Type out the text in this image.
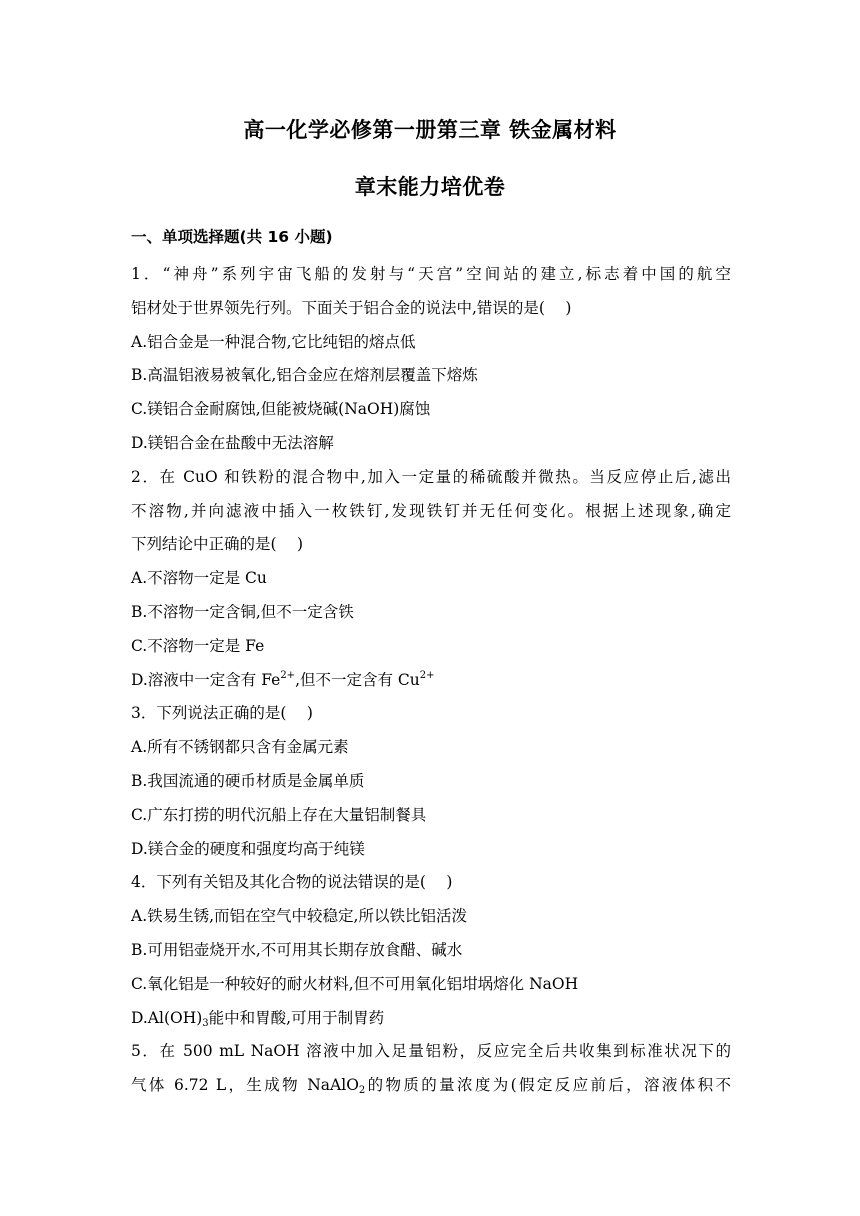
高一化学必修第一册第三章 铁金属材料
章末能力培优卷
一、单项选择题(共 16 小题)
1．“神舟”系列宇宙飞船的发射与“天宫”空间站的建立,标志着中国的航空
铝材处于世界领先行列。下面关于铝合金的说法中,错误的是(　 )
A.铝合金是一种混合物,它比纯铝的熔点低
B.高温铝液易被氧化,铝合金应在熔剂层覆盖下熔炼
C.镁铝合金耐腐蚀,但能被烧碱(NaOH)腐蚀
D.镁铝合金在盐酸中无法溶解
2．在 CuO 和铁粉的混合物中,加入一定量的稀硫酸并微热。当反应停止后,滤出
不溶物,并向滤液中插入一枚铁钉,发现铁钉并无任何变化。根据上述现象,确定
下列结论中正确的是(　 )
A.不溶物一定是 Cu
B.不溶物一定含铜,但不一定含铁
C.不溶物一定是 Fe
D.溶液中一定含有 $Fe^{2+}$,但不一定含有 $Cu^{2+}$
3．下列说法正确的是(　 )
A.所有不锈钢都只含有金属元素
B.我国流通的硬币材质是金属单质
C.广东打捞的明代沉船上存在大量铝制餐具
D.镁合金的硬度和强度均高于纯镁
4．下列有关铝及其化合物的说法错误的是(　 )
A.铁易生锈,而铝在空气中较稳定,所以铁比铝活泼
B.可用铝壶烧开水,不可用其长期存放食醋、碱水
C.氧化铝是一种较好的耐火材料,但不可用氧化铝坩埚熔化 NaOH
$D.Al(OH)_3$能中和胃酸,可用于制胃药
5．在 500 mL NaOH 溶液中加入足量铝粉，反应完全后共收集到标准状况下的
气体 6.72 L，生成物 NaAlO$_2$的物质的量浓度为(假定反应前后，溶液体积不
